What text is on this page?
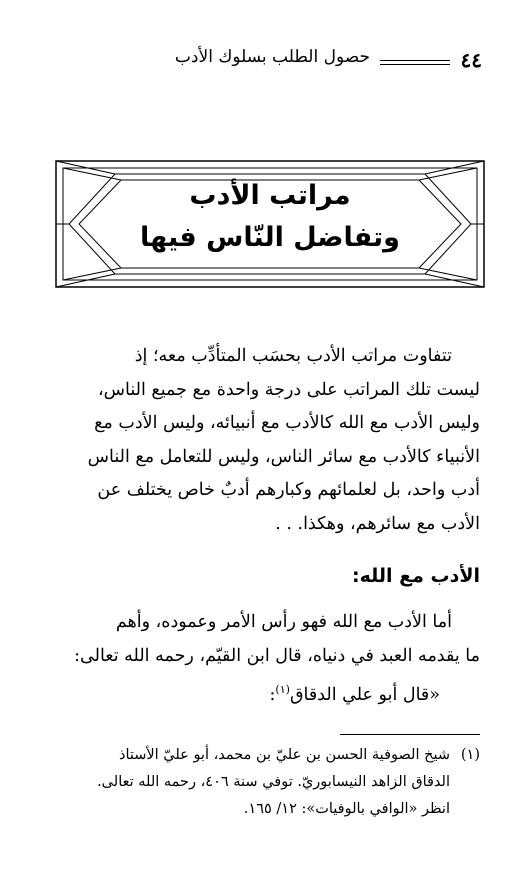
٤٤
حصول الطلب بسلوك الأدب
مراتب الأدب
وتفاضل النّاس فيها
تتفاوت مراتب الأدب بحسَب المتأدِّب معه؛ إذ
ليست تلك المراتب على درجة واحدة مع جميع الناس،
وليس الأدب مع الله كالأدب مع أنبيائه، وليس الأدب مع
الأنبياء كالأدب مع سائر الناس، وليس للتعامل مع الناس
أدب واحد، بل لعلمائهم وكبارهم أدبٌ خاص يختلف عن
الأدب مع سائرهم، وهكذا. . .
الأدب مع الله:
أما الأدب مع الله فهو رأس الأمر وعموده، وأهم
ما يقدمه العبد في دنياه، قال ابن القيّم، رحمه الله تعالى:
«قال أبو علي الدقاق$^{(١)}$:
(١)
شيخ الصوفية الحسن بن عليّ بن محمد، أبو عليّ الأستاذ
الدقاق الزاهد النيسابوريّ. توفي سنة ٤٠٦، رحمه الله تعالى.
انظر «الوافي بالوفيات»: ١٢/ ١٦٥.
